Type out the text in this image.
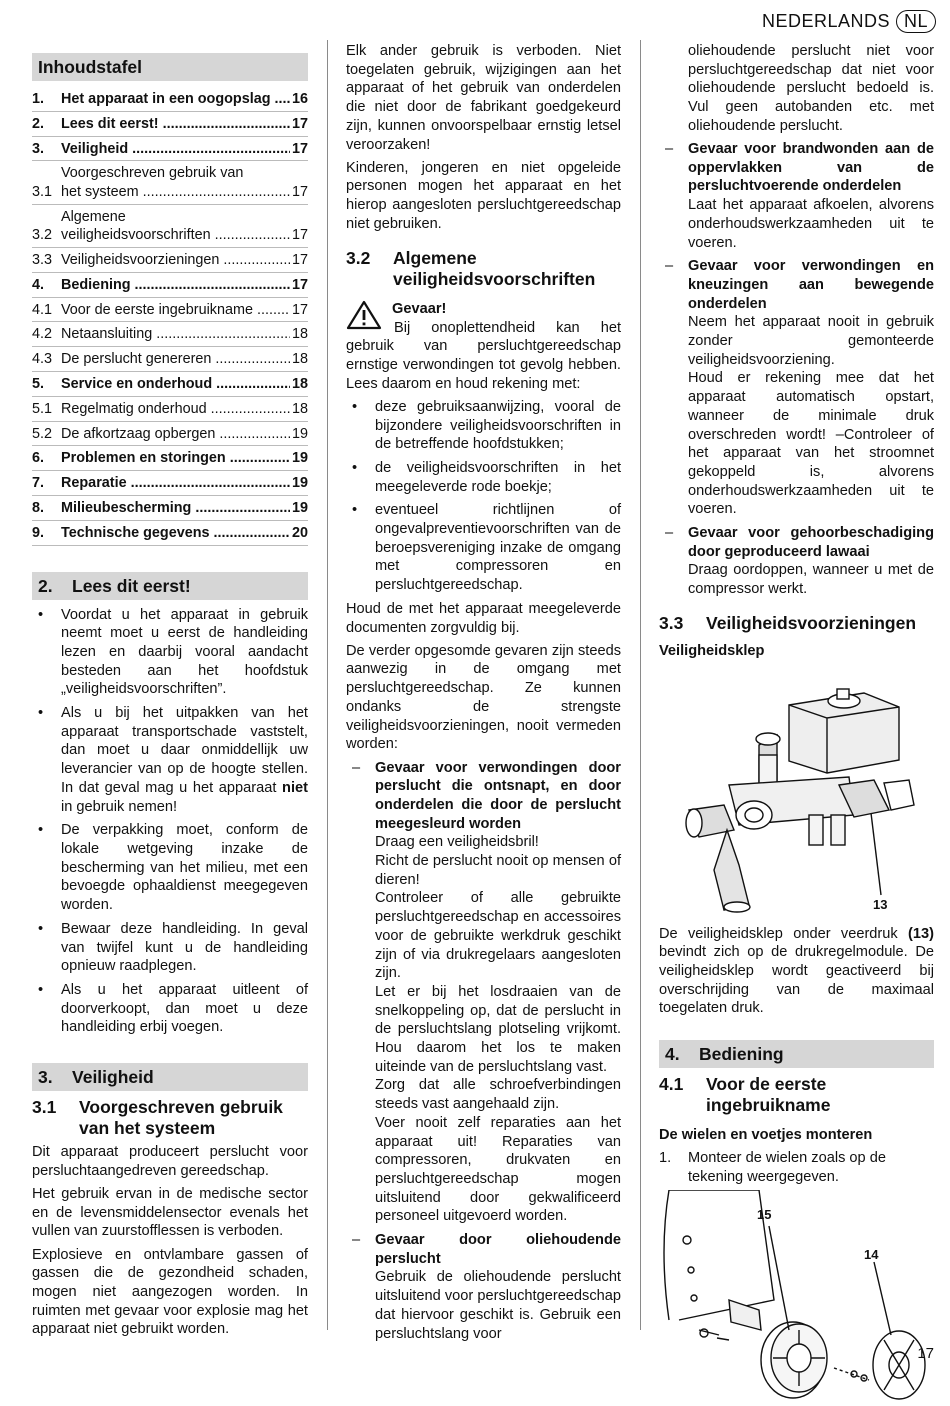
NEDERLANDS NL
Inhoudstafel
1.	Het apparaat in een oogopslag .....	16
2.	Lees dit eerst! .....	17
3.	Veiligheid .....	17
3.1
Voorgeschreven gebruik van
het systeem .....	17
3.2
Algemene
veiligheidsvoorschriften .....	17
3.3 Veiligheidsvoorzieningen .....	17
4.	Bediening .....	17
4.1 Voor de eerste ingebruikname .....	17
4.2 Netaansluiting .....	18
4.3 De perslucht genereren .....	18
5.	Service en onderhoud .....	18
5.1 Regelmatig onderhoud .....	18
5.2 De afkortzaag opbergen .....	19
6.	Problemen en storingen .....	19
7.	Reparatie .....	19
8.	Milieubescherming .....	19
9.	Technische gegevens .....	20
2. Lees dit eerst!
• Voordat u het apparaat in gebruik neemt moet u eerst de handleiding lezen en daarbij vooral aandacht besteden aan het hoofdstuk „veiligheidsvoorschriften”.
• Als u bij het uitpakken van het apparaat transportschade vaststelt, dan moet u daar onmiddellijk uw leverancier van op de hoogte stellen. In dat geval mag u het apparaat niet in gebruik nemen!
• De verpakking moet, conform de lokale wetgeving inzake de bescherming van het milieu, met een bevoegde ophaaldienst meegegeven worden.
• Bewaar deze handleiding. In geval van twijfel kunt u de handleiding opnieuw raadplegen.
• Als u het apparaat uitleent of doorverkoopt, dan moet u deze handleiding erbij voegen.
3. Veiligheid
3.1	Voorgeschreven gebruik van het systeem

Dit apparaat produceert perslucht voor persluchtaangedreven gereedschap.

Het gebruik ervan in de medische sector en de levensmiddelensector evenals het vullen van zuurstofflessen is verboden.

Explosieve en ontvlambare gassen of gassen die de gezondheid schaden, mogen niet aangezogen worden. In ruimten met gevaar voor explosie mag het apparaat niet gebruikt worden.

Elk ander gebruik is verboden. Niet toegelaten gebruik, wijzigingen aan het apparaat of het gebruik van onderdelen die niet door de fabrikant goedgekeurd zijn, kunnen onvoorspelbaar ernstig letsel veroorzaken!

Kinderen, jongeren en niet opgeleide personen mogen het apparaat en het hierop aangesloten persluchtgereedschap niet gebruiken.

3.2	Algemene veiligheidsvoorschriften
Gevaar!

Bij onoplettendheid kan het gebruik van persluchtgereedschap ernstige verwondingen tot gevolg hebben. Lees daarom en houd rekening met:

• deze gebruiksaanwijzing, vooral de bijzondere veiligheidsvoorschriften in de betreffende hoofdstukken;
• de veiligheidsvoorschriften in het meegeleverde rode boekje;
• eventueel richtlijnen of ongevalpreventievoorschriften van de beroepsvereniging inzake de omgang met compressoren en persluchtgereedschap.

Houd de met het apparaat meegeleverde documenten zorgvuldig bij.

De verder opgesomde gevaren zijn steeds aanwezig in de omgang met persluchtgereedschap. Ze kunnen ondanks de strengste veiligheidsvoorzieningen, nooit vermeden worden:

– Gevaar voor verwondingen door perslucht die ontsnapt, en door onderdelen die door de perslucht meegesleurd worden
Draag een veiligheidsbril!
Richt de perslucht nooit op mensen of dieren!
Controleer of alle gebruikte persluchtgereedschap en accessoires voor de gebruikte werkdruk geschikt zijn of via drukregelaars aangesloten zijn.
Let er bij het losdraaien van de snelkoppeling op, dat de perslucht in de persluchtslang plotseling vrijkomt. Hou daarom het los te maken uiteinde van de persluchtslang vast.
Zorg dat alle schroefverbindingen steeds vast aangehaald zijn.
Voer nooit zelf reparaties aan het apparaat uit! Reparaties van compressoren, drukvaten en persluchtgereedschap mogen uitsluitend door gekwalificeerd personeel uitgevoerd worden.
– Gevaar door oliehoudende perslucht
Gebruik de oliehoudende perslucht uitsluitend voor persluchtgereedschap dat hiervoor geschikt is. Gebruik een persluchtslang voor
oliehoudende perslucht niet voor persluchtgereedschap dat niet voor oliehoudende perslucht bedoeld is. Vul geen autobanden etc. met oliehoudende perslucht.
– Gevaar voor brandwonden aan de oppervlakken van de persluchtvoerende onderdelen
Laat het apparaat afkoelen, alvorens onderhoudswerkzaamheden uit te voeren.
– Gevaar voor verwondingen en kneuzingen aan bewegende onderdelen
Neem het apparaat nooit in gebruik zonder gemonteerde veiligheidsvoorziening.
Houd er rekening mee dat het apparaat automatisch opstart, wanneer de minimale druk overschreden wordt! –Controleer of het apparaat van het stroomnet gekoppeld is, alvorens onderhoudswerkzaamheden uit te voeren.
– Gevaar voor gehoorbeschadiging door geproduceerd lawaai
Draag oordoppen, wanneer u met de compressor werkt.
3.3	Veiligheidsvoorzieningen
Veiligheidsklep
13

De veiligheidsklep onder veerdruk (13) bevindt zich op de drukregelmodule. De veiligheidsklep wordt geactiveerd bij overschrijding van de maximaal toegelaten druk.

4. Bediening
4.1	Voor de eerste ingebruikname
De wielen en voetjes monteren
1. Monteer de wielen zoals op de tekening weergegeven.
15
14
17
